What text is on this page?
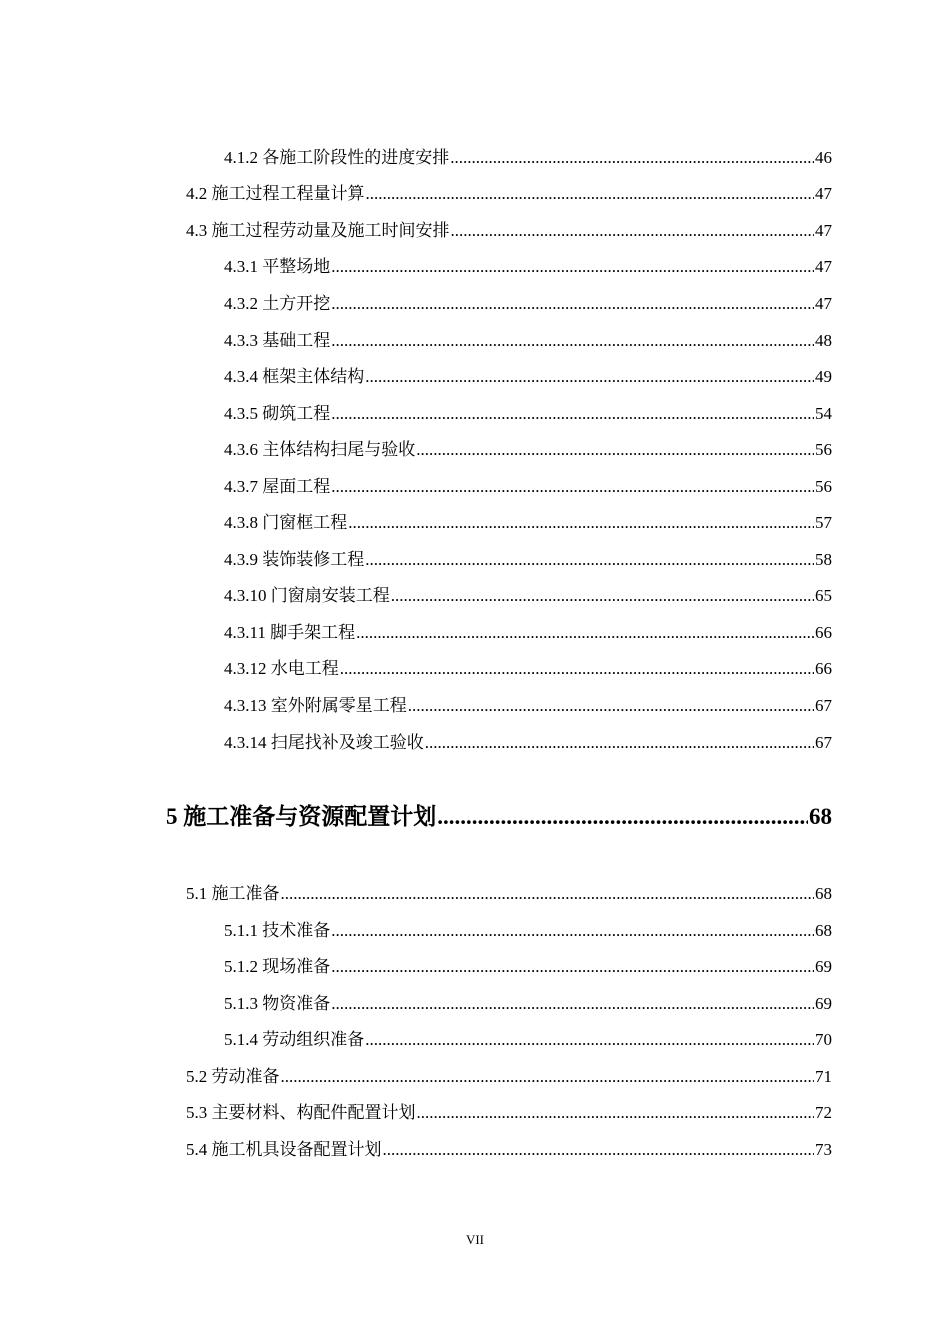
4.1.2 各施工阶段性的进度安排 .....	46
4.2 施工过程工程量计算 .....	47
4.3 施工过程劳动量及施工时间安排 .....	47
4.3.1 平整场地 .....	47
4.3.2 土方开挖 .....	47
4.3.3 基础工程 .....	48
4.3.4 框架主体结构 .....	49
4.3.5 砌筑工程 .....	54
4.3.6 主体结构扫尾与验收 .....	56
4.3.7 屋面工程 .....	56
4.3.8 门窗框工程 .....	57
4.3.9 装饰装修工程 .....	58
4.3.10 门窗扇安装工程 .....	65
4.3.11 脚手架工程 .....	66
4.3.12 水电工程 .....	66
4.3.13 室外附属零星工程 .....	67
4.3.14 扫尾找补及竣工验收 .....	67
5 施工准备与资源配置计划 .....	68
5.1 施工准备 .....	68
5.1.1 技术准备 .....	68
5.1.2 现场准备 .....	69
5.1.3 物资准备 .....	69
5.1.4 劳动组织准备 .....	70
5.2 劳动准备 .....	71
5.3 主要材料、构配件配置计划 .....	72
5.4 施工机具设备配置计划 .....	73
VII
